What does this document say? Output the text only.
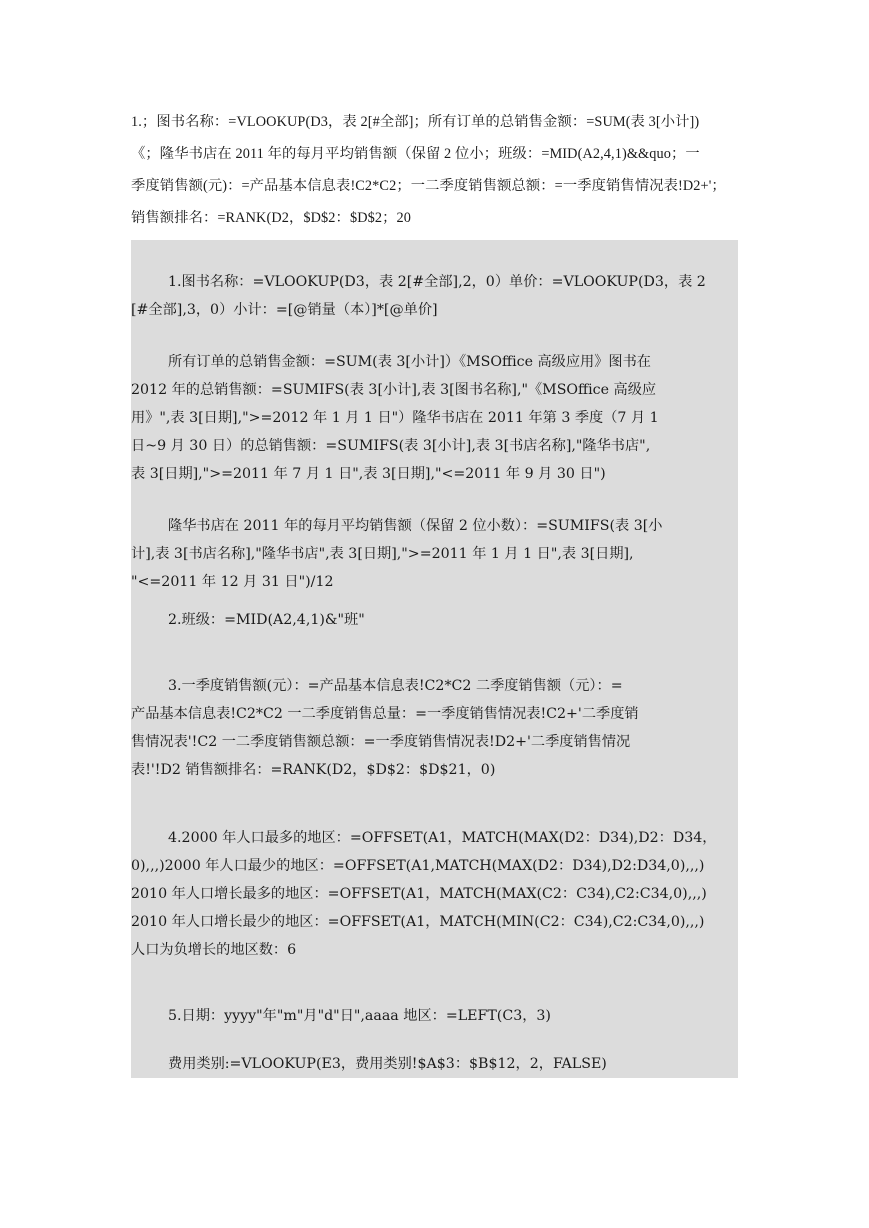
1.；图书名称：=VLOOKUP(D3，表 2[#全部]；所有订单的总销售金额：=SUM(表 3[小计])

《；隆华书店在 2011 年的每月平均销售额（保留 2 位小；班级：=MID(A2,4,1)&&quo；一

季度销售额(元)：=产品基本信息表!C2*C2；一二季度销售额总额：=一季度销售情况表!D2+'；

销售额排名：=RANK(D2，$D$2：$D$2；20

1.图书名称：=VLOOKUP(D3，表 2[#全部],2，0）单价：=VLOOKUP(D3，表 2
[#全部],3，0）小计：=[@销量（本）]*[@单价]
所有订单的总销售金额：=SUM(表 3[小计]）《MSOffice 高级应用》图书在
2012 年的总销售额：=SUMIFS(表 3[小计],表 3[图书名称],"《MSOffice 高级应
用》",表 3[日期],">=2012 年 1 月 1 日"）隆华书店在 2011 年第 3 季度（7 月 1
日~9 月 30 日）的总销售额：=SUMIFS(表 3[小计],表 3[书店名称],"隆华书店",
表 3[日期],">=2011 年 7 月 1 日",表 3[日期],"<=2011 年 9 月 30 日")
隆华书店在 2011 年的每月平均销售额（保留 2 位小数）：=SUMIFS(表 3[小
计],表 3[书店名称],"隆华书店",表 3[日期],">=2011 年 1 月 1 日",表 3[日期],
"<=2011 年 12 月 31 日")/12
2.班级：=MID(A2,4,1)&"班"
3.一季度销售额(元）：=产品基本信息表!C2*C2 二季度销售额（元）：=
产品基本信息表!C2*C2 一二季度销售总量：=一季度销售情况表!C2+'二季度销
售情况表'!C2 一二季度销售额总额：=一季度销售情况表!D2+'二季度销售情况
表!'!D2 销售额排名：=RANK(D2，$D$2：$D$21，0)
4.2000 年人口最多的地区：=OFFSET(A1，MATCH(MAX(D2：D34),D2：D34，
0),,,)2000 年人口最少的地区：=OFFSET(A1,MATCH(MAX(D2：D34),D2:D34,0),,,)
2010 年人口增长最多的地区：=OFFSET(A1，MATCH(MAX(C2：C34),C2:C34,0),,,)
2010 年人口增长最少的地区：=OFFSET(A1，MATCH(MIN(C2：C34),C2:C34,0),,,)
人口为负增长的地区数：6
5.日期：yyyy"年"m"月"d"日",aaaa 地区：=LEFT(C3，3)
费用类别:=VLOOKUP(E3，费用类别!$A$3：$B$12，2，FALSE)
